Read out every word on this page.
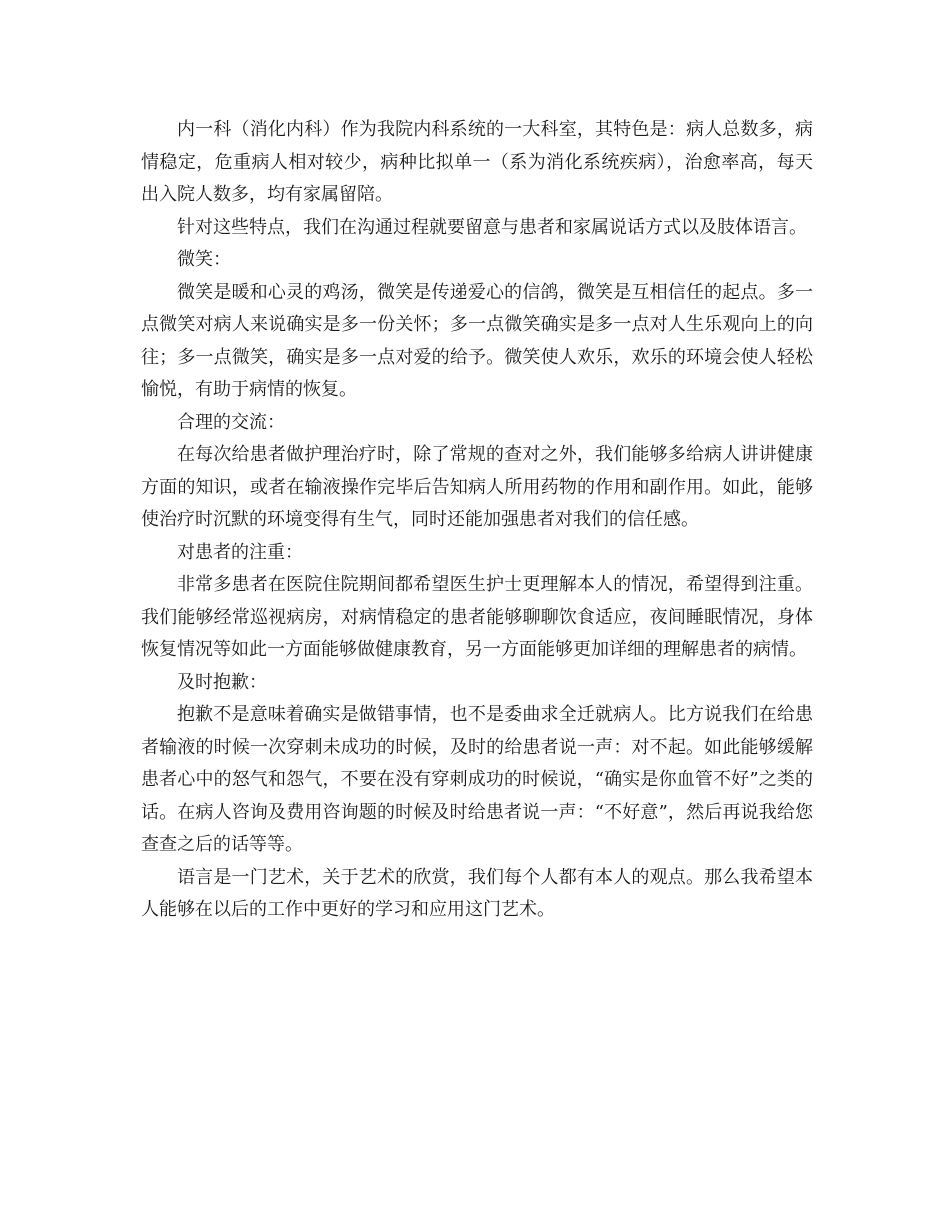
内一科（消化内科）作为我院内科系统的一大科室，其特色是：病人总数多，病情稳定，危重病人相对较少，病种比拟单一（系为消化系统疾病），治愈率高，每天出入院人数多，均有家属留陪。

针对这些特点，我们在沟通过程就要留意与患者和家属说话方式以及肢体语言。

微笑：

微笑是暖和心灵的鸡汤，微笑是传递爱心的信鸽，微笑是互相信任的起点。多一点微笑对病人来说确实是多一份关怀；多一点微笑确实是多一点对人生乐观向上的向往；多一点微笑，确实是多一点对爱的给予。微笑使人欢乐，欢乐的环境会使人轻松愉悦，有助于病情的恢复。

合理的交流：

在每次给患者做护理治疗时，除了常规的查对之外，我们能够多给病人讲讲健康方面的知识，或者在输液操作完毕后告知病人所用药物的作用和副作用。如此，能够使治疗时沉默的环境变得有生气，同时还能加强患者对我们的信任感。

对患者的注重：

非常多患者在医院住院期间都希望医生护士更理解本人的情况，希望得到注重。我们能够经常巡视病房，对病情稳定的患者能够聊聊饮食适应，夜间睡眠情况，身体恢复情况等如此一方面能够做健康教育，另一方面能够更加详细的理解患者的病情。

及时抱歉：

抱歉不是意味着确实是做错事情，也不是委曲求全迁就病人。比方说我们在给患者输液的时候一次穿刺未成功的时候，及时的给患者说一声：对不起。如此能够缓解患者心中的怒气和怨气，不要在没有穿刺成功的时候说，“确实是你血管不好”之类的话。在病人咨询及费用咨询题的时候及时给患者说一声：“不好意”，然后再说我给您查查之后的话等等。

语言是一门艺术，关于艺术的欣赏，我们每个人都有本人的观点。那么我希望本人能够在以后的工作中更好的学习和应用这门艺术。
